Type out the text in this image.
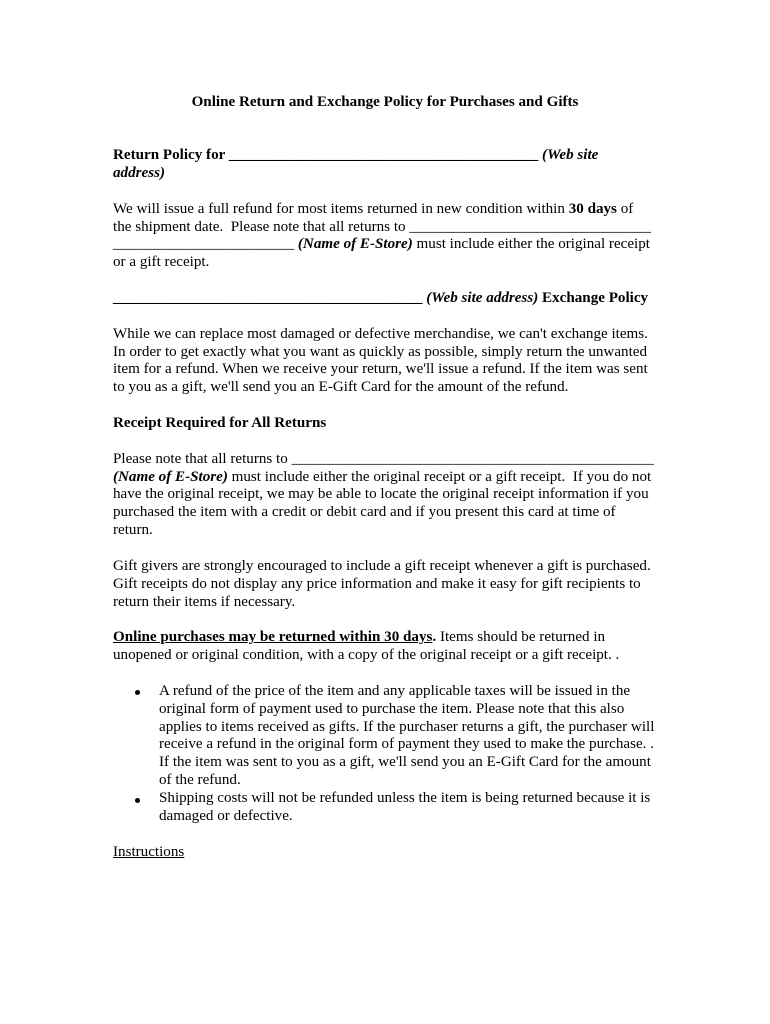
Online Return and Exchange Policy for Purchases and Gifts
Return Policy for _________________________________________ (Web site
address)
We will issue a full refund for most items returned in new condition within 30 days of
the shipment date.  Please note that all returns to ________________________________
________________________ (Name of E-Store) must include either the original receipt
or a gift receipt.
_________________________________________ (Web site address) Exchange Policy
While we can replace most damaged or defective merchandise, we can't exchange items.
In order to get exactly what you want as quickly as possible, simply return the unwanted
item for a refund. When we receive your return, we'll issue a refund. If the item was sent
to you as a gift, we'll send you an E-Gift Card for the amount of the refund.
Receipt Required for All Returns
Please note that all returns to ________________________________________________
(Name of E-Store) must include either the original receipt or a gift receipt.  If you do not
have the original receipt, we may be able to locate the original receipt information if you
purchased the item with a credit or debit card and if you present this card at time of
return.
Gift givers are strongly encouraged to include a gift receipt whenever a gift is purchased.
Gift receipts do not display any price information and make it easy for gift recipients to
return their items if necessary.
Online purchases may be returned within 30 days. Items should be returned in
unopened or original condition, with a copy of the original receipt or a gift receipt. .
A refund of the price of the item and any applicable taxes will be issued in the
original form of payment used to purchase the item. Please note that this also
applies to items received as gifts. If the purchaser returns a gift, the purchaser will
receive a refund in the original form of payment they used to make the purchase. .
If the item was sent to you as a gift, we'll send you an E-Gift Card for the amount
of the refund.
Shipping costs will not be refunded unless the item is being returned because it is
damaged or defective.
Instructions
